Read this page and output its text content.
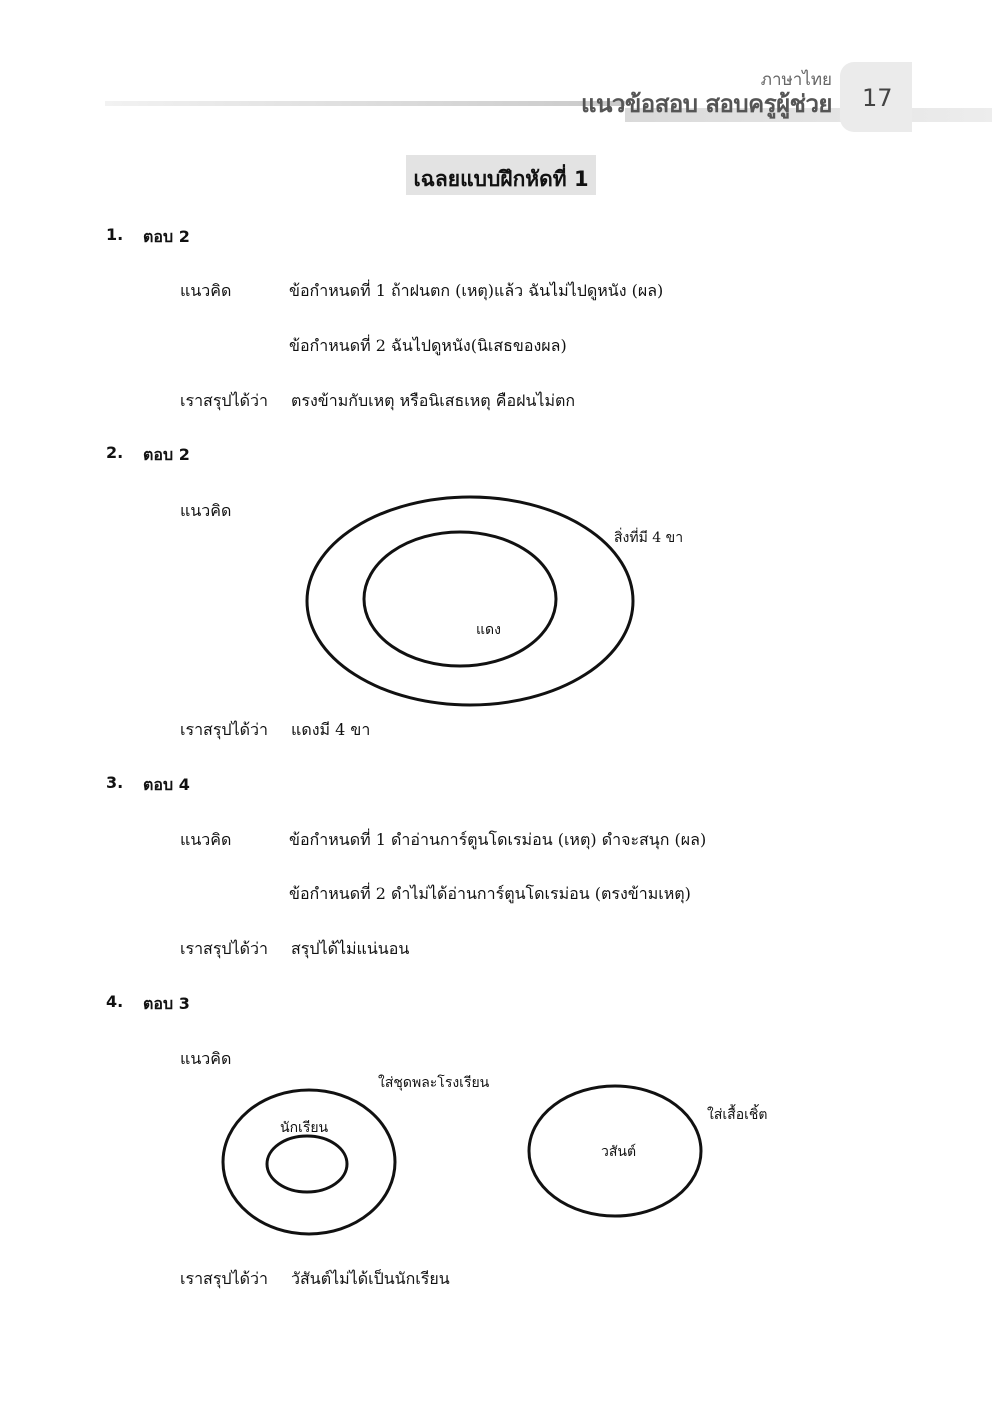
ภาษาไทย
แนวข้อสอบ สอบครูผู้ช่วย 17
เฉลยแบบฝึกหัดที่ 1
1. ตอบ 2
แนวคิด	ข้อกำหนดที่ 1 ถ้าฝนตก (เหตุ)แล้ว ฉันไม่ไปดูหนัง (ผล)
ข้อกำหนดที่ 2 ฉันไปดูหนัง(นิเสธของผล)
เราสรุปได้ว่า ตรงข้ามกับเหตุ หรือนิเสธเหตุ คือฝนไม่ตก
2. ตอบ 2
แนวคิด
สิ่งที่มี 4 ขา
แดง
เราสรุปได้ว่า แดงมี 4 ขา
3. ตอบ 4
แนวคิด	ข้อกำหนดที่ 1 ดำอ่านการ์ตูนโดเรม่อน (เหตุ) ดำจะสนุก (ผล)
ข้อกำหนดที่ 2 ดำไม่ได้อ่านการ์ตูนโดเรม่อน (ตรงข้ามเหตุ)
เราสรุปได้ว่า สรุปได้ไม่แน่นอน
4. ตอบ 3
แนวคิด
ใส่ชุดพละโรงเรียน
นักเรียน
ใส่เสื้อเชิ้ต
วสันต์
เราสรุปได้ว่า วัสันต์ไม่ได้เป็นนักเรียน
